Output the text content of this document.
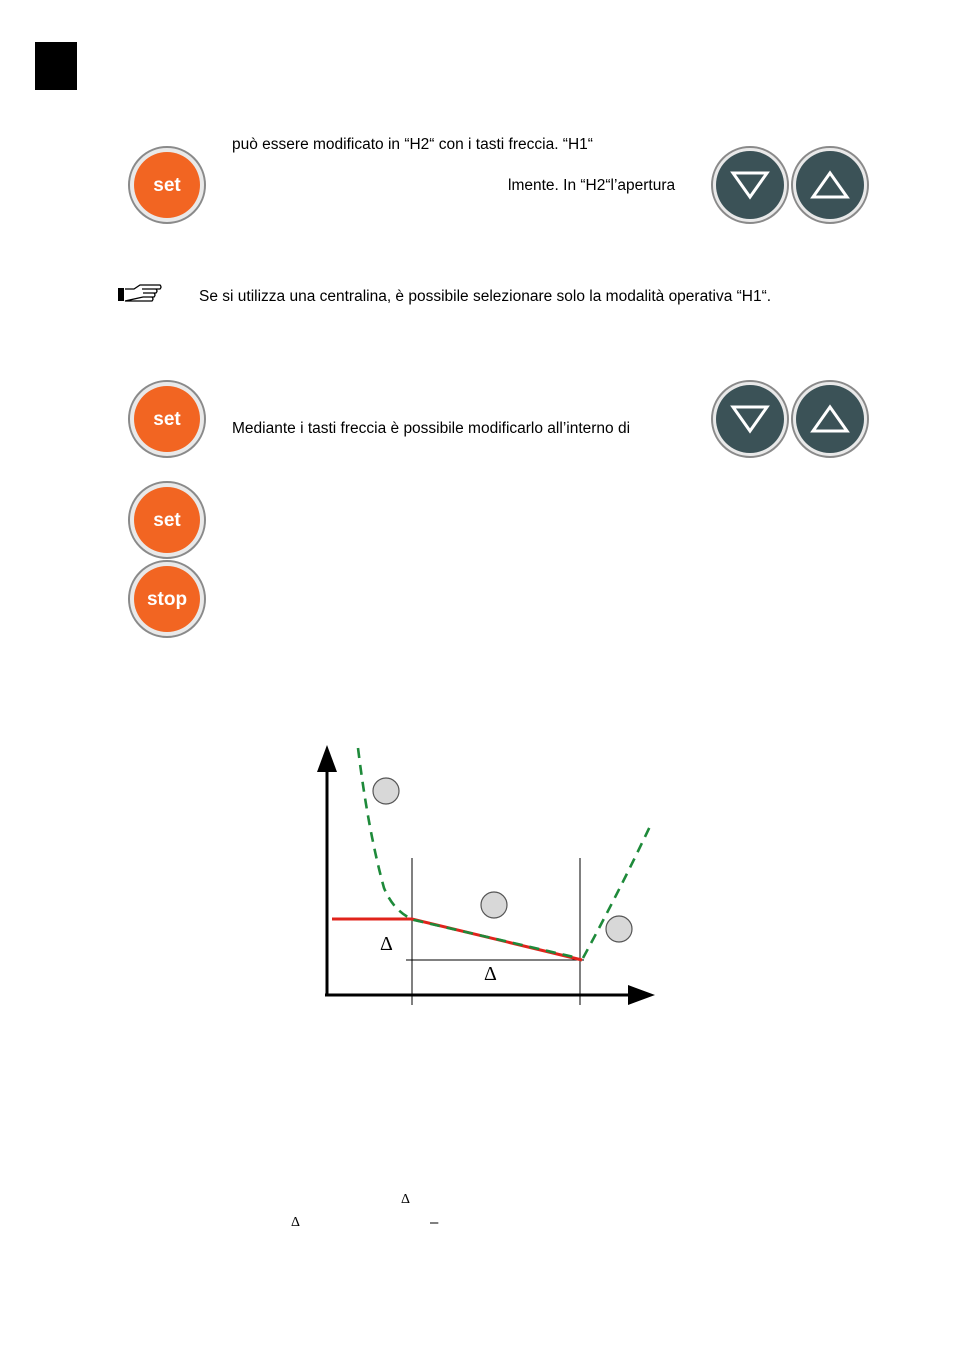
set
può essere modificato in “H2“ con i tasti freccia. “H1“
lmente. In “H2“l’apertura
Se si utilizza una centralina, è possibile selezionare solo la modalità operativa “H1“.
set	Mediante i tasti freccia è possibile modificarlo all’interno di
set
stop
Δ
Δ
Δ
Δ	–
